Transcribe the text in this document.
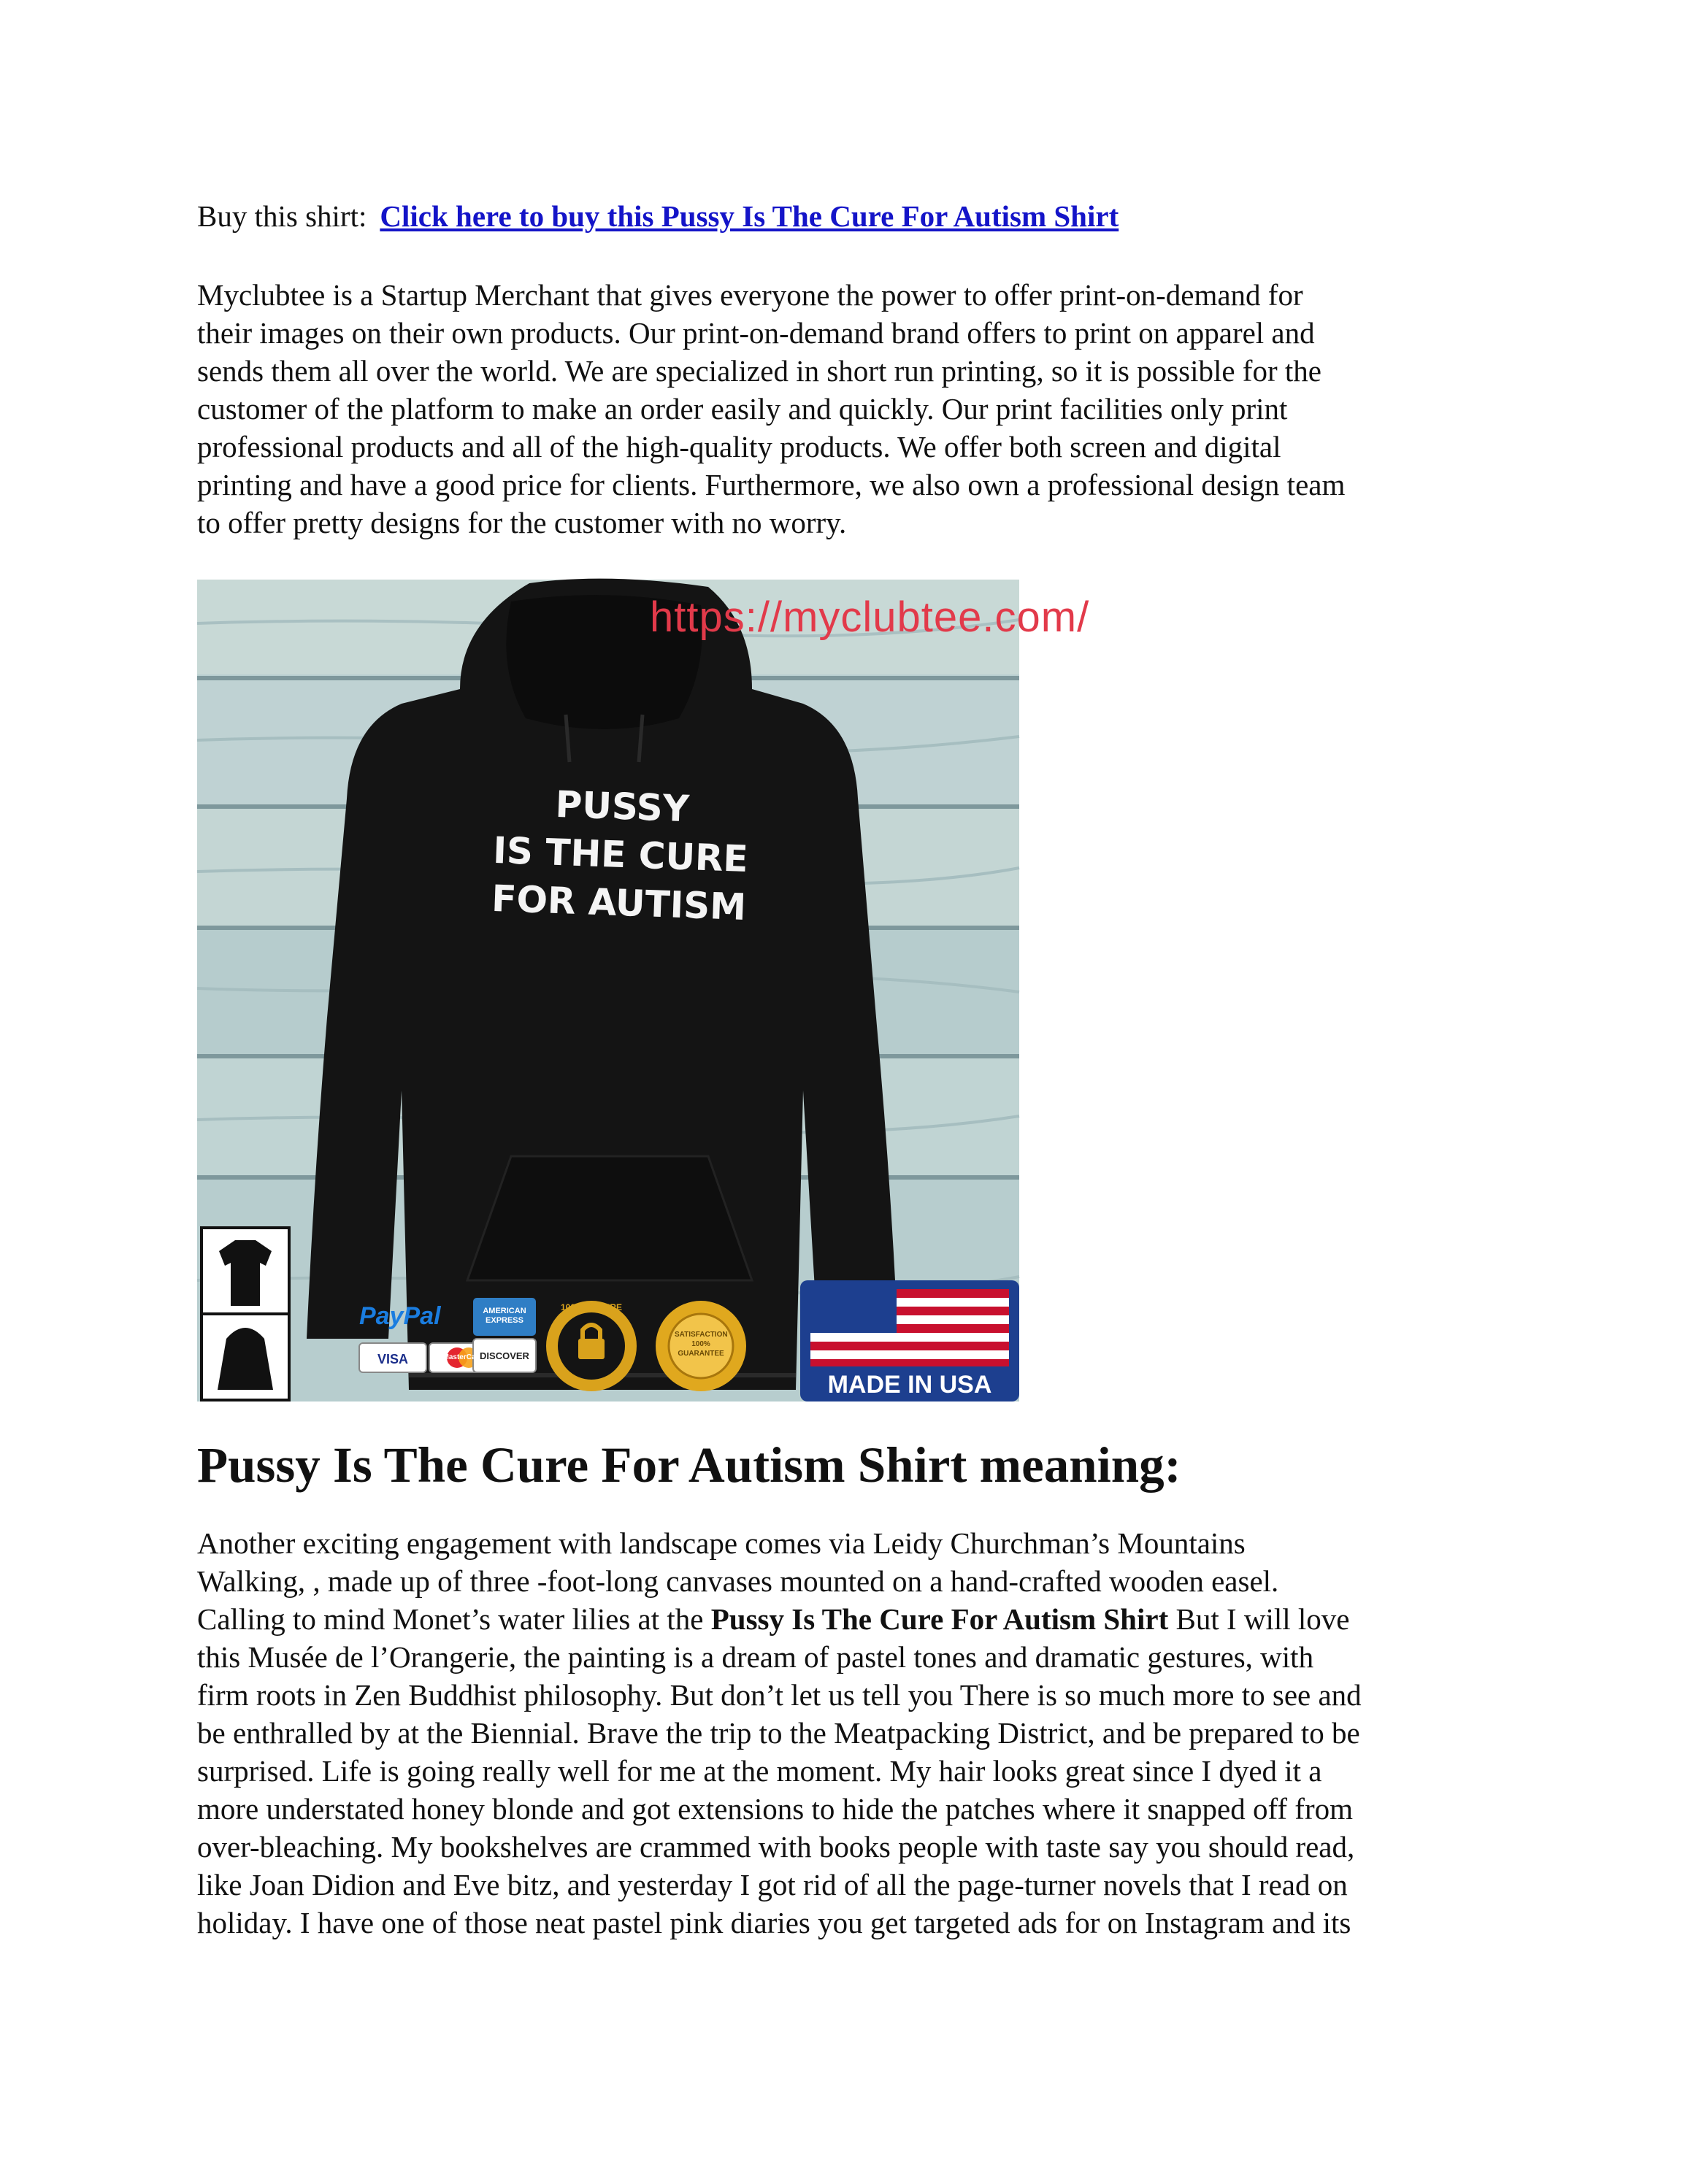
Buy this shirt: Click here to buy this Pussy Is The Cure For Autism Shirt

Myclubtee is a Startup Merchant that gives everyone the power to offer print-on-demand for
their images on their own products. Our print-on-demand brand offers to print on apparel and
sends them all over the world. We are specialized in short run printing, so it is possible for the
customer of the platform to make an order easily and quickly. Our print facilities only print
professional products and all of the high-quality products. We offer both screen and digital
printing and have a good price for clients. Furthermore, we also own a professional design team
to offer pretty designs for the customer with no worry.

https://myclubtee.com/
PUSSY
IS THE CURE
FOR AUTISM
PayPal
VISA	MasterCard
AMERICAN EXPRESS
DISCOVER
100% SECURE
SATISFACTION 100% GUARANTEE
MADE IN USA
Pussy Is The Cure For Autism Shirt meaning:

Another exciting engagement with landscape comes via Leidy Churchman’s Mountains
Walking, , made up of three -foot-long canvases mounted on a hand-crafted wooden easel.
Calling to mind Monet’s water lilies at the Pussy Is The Cure For Autism Shirt But I will love
this Musée de l’Orangerie, the painting is a dream of pastel tones and dramatic gestures, with
firm roots in Zen Buddhist philosophy. But don’t let us tell you There is so much more to see and
be enthralled by at the Biennial. Brave the trip to the Meatpacking District, and be prepared to be
surprised. Life is going really well for me at the moment. My hair looks great since I dyed it a
more understated honey blonde and got extensions to hide the patches where it snapped off from
over-bleaching. My bookshelves are crammed with books people with taste say you should read,
like Joan Didion and Eve bitz, and yesterday I got rid of all the page-turner novels that I read on
holiday. I have one of those neat pastel pink diaries you get targeted ads for on Instagram and its
